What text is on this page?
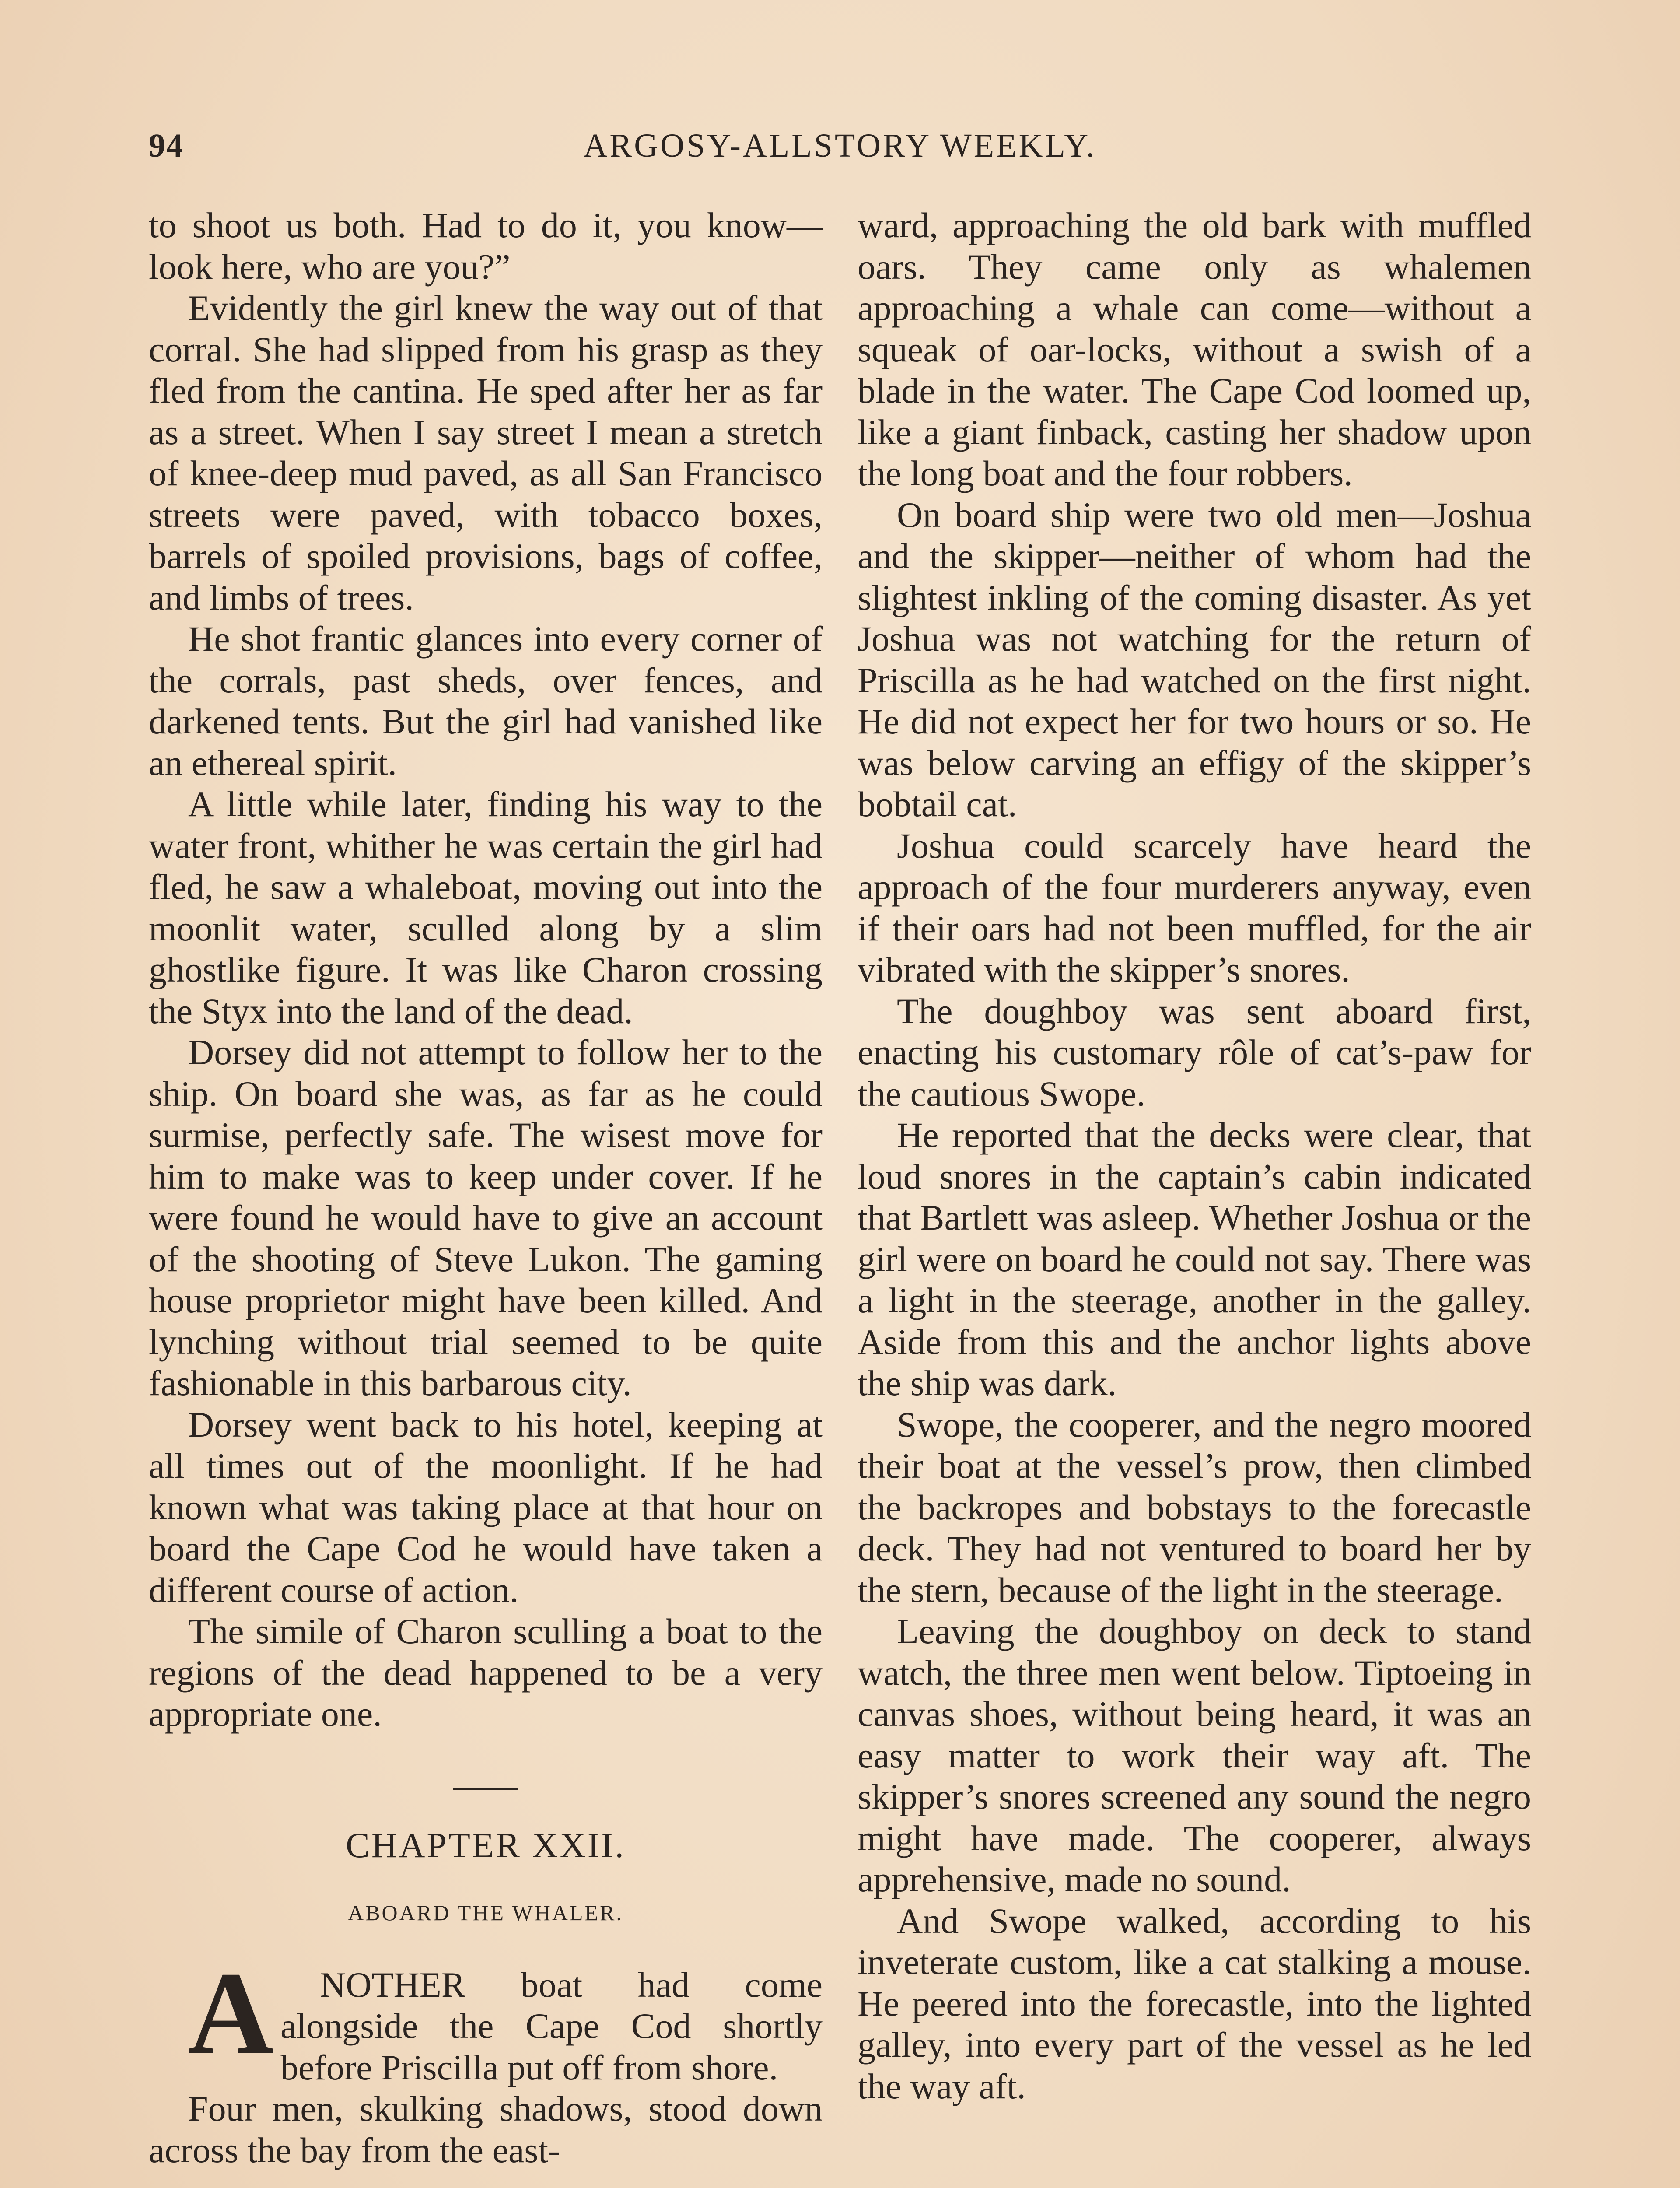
94	ARGOSY-ALLSTORY WEEKLY.

to shoot us both. Had to do it, you know—look here, who are you?”

Evidently the girl knew the way out of that corral. She had slipped from his grasp as they fled from the cantina. He sped after her as far as a street. When I say street I mean a stretch of knee-deep mud paved, as all San Francisco streets were paved, with tobacco boxes, barrels of spoiled provisions, bags of coffee, and limbs of trees.

He shot frantic glances into every corner of the corrals, past sheds, over fences, and darkened tents. But the girl had vanished like an ethereal spirit.

A little while later, finding his way to the water front, whither he was certain the girl had fled, he saw a whaleboat, moving out into the moonlit water, sculled along by a slim ghostlike figure. It was like Charon crossing the Styx into the land of the dead.

Dorsey did not attempt to follow her to the ship. On board she was, as far as he could surmise, perfectly safe. The wisest move for him to make was to keep under cover. If he were found he would have to give an account of the shooting of Steve Lukon. The gaming house proprietor might have been killed. And lynching without trial seemed to be quite fashionable in this barbarous city.

Dorsey went back to his hotel, keeping at all times out of the moonlight. If he had known what was taking place at that hour on board the Cape Cod he would have taken a different course of action.

The simile of Charon sculling a boat to the regions of the dead happened to be a very appropriate one.

CHAPTER XXII.
ABOARD THE WHALER.

A NOTHER boat had come alongside the Cape Cod shortly before Priscilla put off from shore.

Four men, skulking shadows, stood down across the bay from the east-

ward, approaching the old bark with muffled oars. They came only as whalemen approaching a whale can come—without a squeak of oar-locks, without a swish of a blade in the water. The Cape Cod loomed up, like a giant finback, casting her shadow upon the long boat and the four robbers.

On board ship were two old men—Joshua and the skipper—neither of whom had the slightest inkling of the coming disaster. As yet Joshua was not watching for the return of Priscilla as he had watched on the first night. He did not expect her for two hours or so. He was below carving an effigy of the skipper’s bobtail cat.

Joshua could scarcely have heard the approach of the four murderers anyway, even if their oars had not been muffled, for the air vibrated with the skipper’s snores.

The doughboy was sent aboard first, enacting his customary rôle of cat’s-paw for the cautious Swope.

He reported that the decks were clear, that loud snores in the captain’s cabin indicated that Bartlett was asleep. Whether Joshua or the girl were on board he could not say. There was a light in the steerage, another in the galley. Aside from this and the anchor lights above the ship was dark.

Swope, the cooperer, and the negro moored their boat at the vessel’s prow, then climbed the backropes and bobstays to the forecastle deck. They had not ventured to board her by the stern, because of the light in the steerage.

Leaving the doughboy on deck to stand watch, the three men went below. Tiptoeing in canvas shoes, without being heard, it was an easy matter to work their way aft. The skipper’s snores screened any sound the negro might have made. The cooperer, always apprehensive, made no sound.

And Swope walked, according to his inveterate custom, like a cat stalking a mouse. He peered into the forecastle, into the lighted galley, into every part of the vessel as he led the way aft.
